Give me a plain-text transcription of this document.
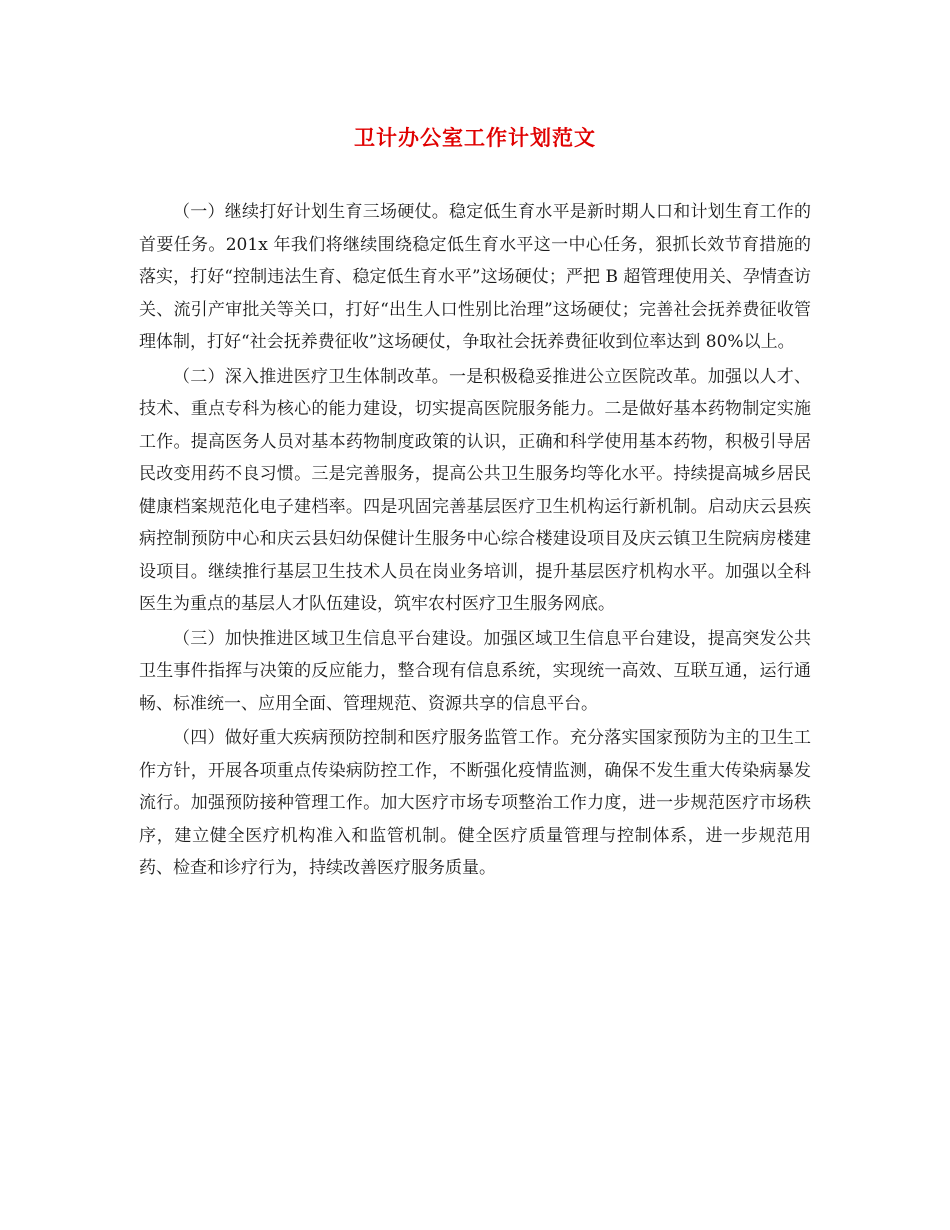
卫计办公室工作计划范文

（一）继续打好计划生育三场硬仗。稳定低生育水平是新时期人口和计划生育工作的首要任务。201x 年我们将继续围绕稳定低生育水平这一中心任务，狠抓长效节育措施的落实，打好“控制违法生育、稳定低生育水平”这场硬仗；严把 B 超管理使用关、孕情查访关、流引产审批关等关口，打好“出生人口性别比治理”这场硬仗；完善社会抚养费征收管理体制，打好“社会抚养费征收”这场硬仗，争取社会抚养费征收到位率达到 80%以上。

（二）深入推进医疗卫生体制改革。一是积极稳妥推进公立医院改革。加强以人才、技术、重点专科为核心的能力建设，切实提高医院服务能力。二是做好基本药物制定实施工作。提高医务人员对基本药物制度政策的认识，正确和科学使用基本药物，积极引导居民改变用药不良习惯。三是完善服务，提高公共卫生服务均等化水平。持续提高城乡居民健康档案规范化电子建档率。四是巩固完善基层医疗卫生机构运行新机制。启动庆云县疾病控制预防中心和庆云县妇幼保健计生服务中心综合楼建设项目及庆云镇卫生院病房楼建设项目。继续推行基层卫生技术人员在岗业务培训，提升基层医疗机构水平。加强以全科医生为重点的基层人才队伍建设，筑牢农村医疗卫生服务网底。

（三）加快推进区域卫生信息平台建设。加强区域卫生信息平台建设，提高突发公共卫生事件指挥与决策的反应能力，整合现有信息系统，实现统一高效、互联互通，运行通畅、标准统一、应用全面、管理规范、资源共享的信息平台。

（四）做好重大疾病预防控制和医疗服务监管工作。充分落实国家预防为主的卫生工作方针，开展各项重点传染病防控工作，不断强化疫情监测，确保不发生重大传染病暴发流行。加强预防接种管理工作。加大医疗市场专项整治工作力度，进一步规范医疗市场秩序，建立健全医疗机构准入和监管机制。健全医疗质量管理与控制体系，进一步规范用药、检查和诊疗行为，持续改善医疗服务质量。
